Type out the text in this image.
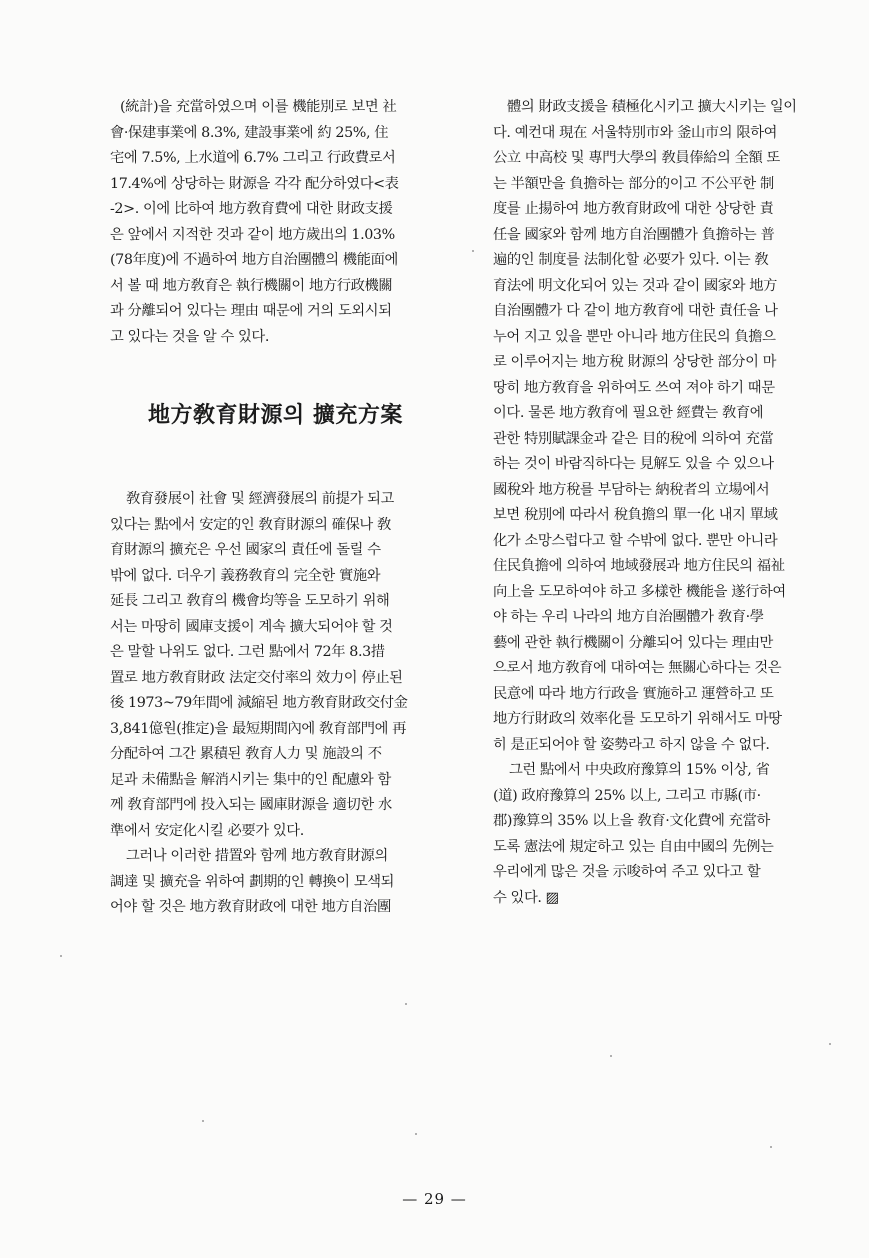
(統計)을 充當하였으며 이를 機能別로 보면 社
會·保建事業에 8.3%, 建設事業에 約 25%, 住
宅에 7.5%, 上水道에 6.7% 그리고 行政費로서
17.4%에 상당하는 財源을 각각 配分하였다<表
-2>. 이에 比하여 地方敎育費에 대한 財政支援
은 앞에서 지적한 것과 같이 地方歲出의 1.03%
(78年度)에 不過하여 地方自治團體의 機能面에
서 볼 때 地方敎育은 執行機關이 地方行政機關
과 分離되어 있다는 理由 때문에 거의 도외시되
고 있다는 것을 알 수 있다.
地方敎育財源의 擴充方案
敎育發展이 社會 및 經濟發展의 前提가 되고
있다는 點에서 安定的인 敎育財源의 確保나 敎
育財源의 擴充은 우선 國家의 責任에 돌릴 수
밖에 없다. 더우기 義務敎育의 完全한 實施와
延長 그리고 敎育의 機會均等을 도모하기 위해
서는 마땅히 國庫支援이 계속 擴大되어야 할 것
은 말할 나위도 없다. 그런 點에서 72年 8.3措
置로 地方敎育財政 法定交付率의 效力이 停止된
後 1973~79年間에 減縮된 地方敎育財政交付金
3,841億원(推定)을 最短期間內에 敎育部門에 再
分配하여 그간 累積된 敎育人力 및 施設의 不
足과 未備點을 解消시키는 集中的인 配慮와 함
께 敎育部門에 投入되는 國庫財源을 適切한 水
準에서 安定化시킬 必要가 있다.
그러나 이러한 措置와 함께 地方敎育財源의
調達 및 擴充을 위하여 劃期的인 轉換이 모색되
어야 할 것은 地方敎育財政에 대한 地方自治團
體의 財政支援을 積極化시키고 擴大시키는 일이
다. 예컨대 現在 서울特別市와 釜山市의 限하여
公立 中高校 및 專門大學의 敎員俸給의 全額 또
는 半額만을 負擔하는 部分的이고 不公平한 制
度를 止揚하여 地方敎育財政에 대한 상당한 責
任을 國家와 함께 地方自治團體가 負擔하는 普
遍的인 制度를 法制化할 必要가 있다. 이는 敎
育法에 明文化되어 있는 것과 같이 國家와 地方
自治團體가 다 같이 地方敎育에 대한 責任을 나
누어 지고 있을 뿐만 아니라 地方住民의 負擔으
로 이루어지는 地方稅 財源의 상당한 部分이 마
땅히 地方敎育을 위하여도 쓰여 져야 하기 때문
이다. 물론 地方敎育에 필요한 經費는 敎育에
관한 特別賦課金과 같은 目的稅에 의하여 充當
하는 것이 바람직하다는 見解도 있을 수 있으나
國稅와 地方稅를 부담하는 納稅者의 立場에서
보면 稅別에 따라서 稅負擔의 單一化 내지 單域
化가 소망스럽다고 할 수밖에 없다. 뿐만 아니라
住民負擔에 의하여 地域發展과 地方住民의 福祉
向上을 도모하여야 하고 多樣한 機能을 遂行하여
야 하는 우리 나라의 地方自治團體가 敎育·學
藝에 관한 執行機關이 分離되어 있다는 理由만
으로서 地方敎育에 대하여는 無關心하다는 것은
民意에 따라 地方行政을 實施하고 運營하고 또
地方行財政의 效率化를 도모하기 위해서도 마땅
히 是正되어야 할 姿勢라고 하지 않을 수 없다.
그런 點에서 中央政府豫算의 15% 이상, 省
(道) 政府豫算의 25% 以上, 그리고 市縣(市·
郡)豫算의 35% 以上을 敎育·文化費에 充當하
도록 憲法에 規定하고 있는 自由中國의 先例는
우리에게 많은 것을 示唆하여 주고 있다고 할
수 있다. ▨
— 29 —
